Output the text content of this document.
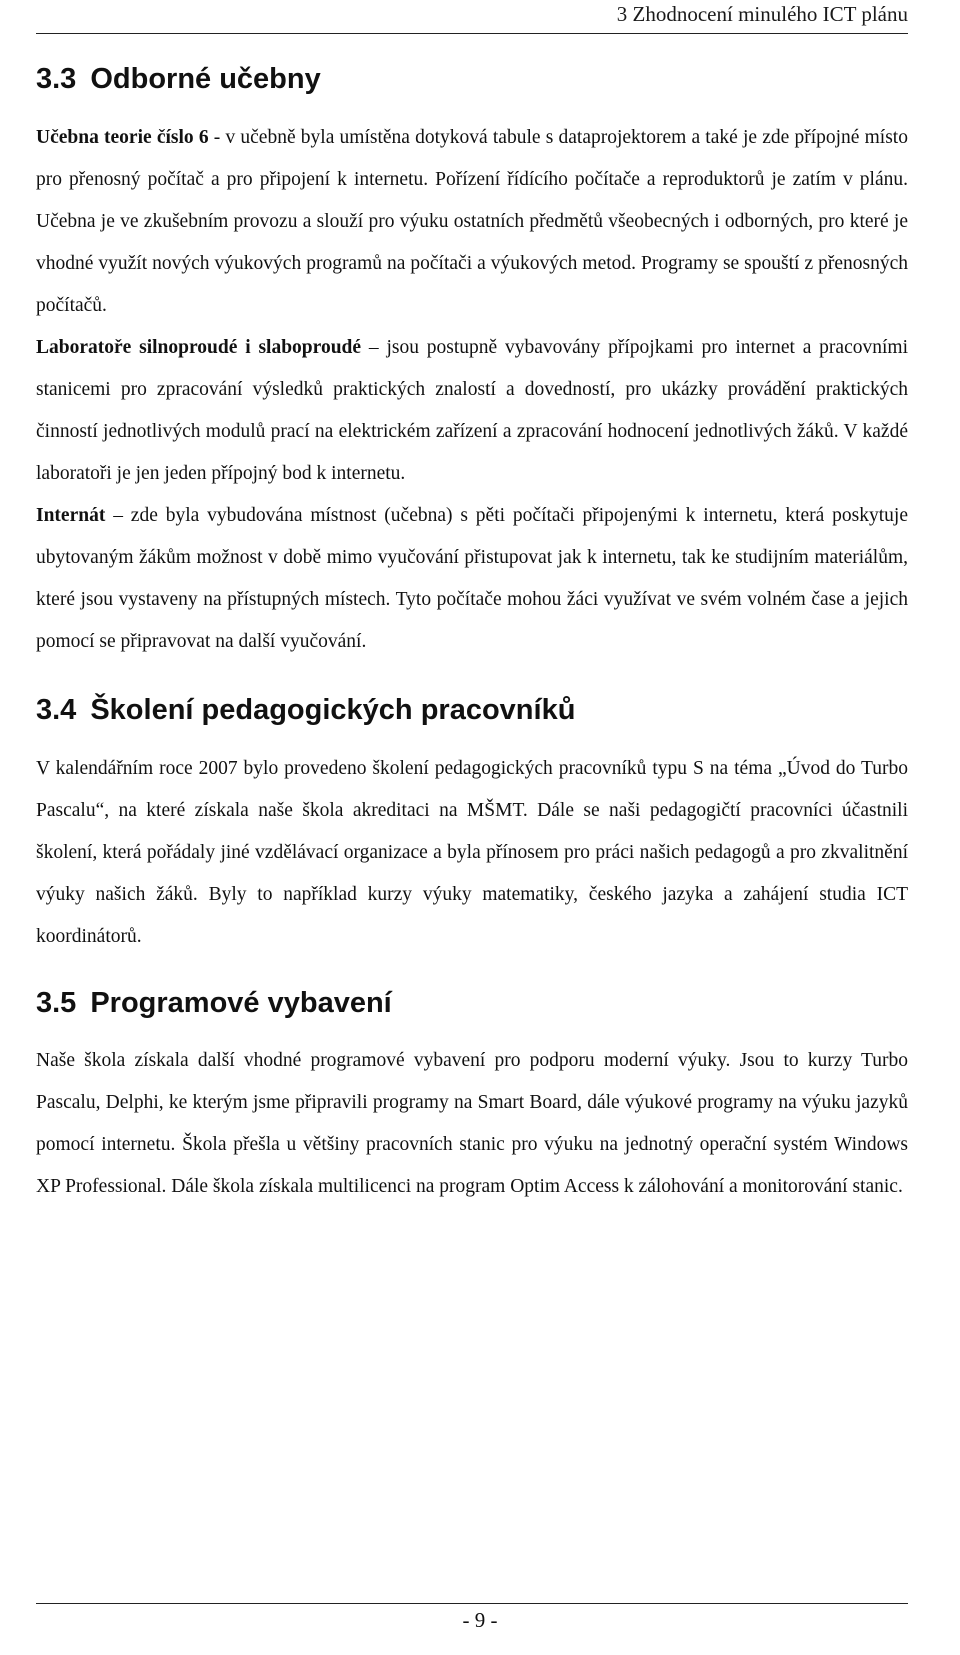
3 Zhodnocení minulého ICT plánu
3.3 Odborné učebny

Učebna teorie číslo 6 - v učebně byla umístěna dotyková tabule s dataprojektorem a také je zde přípojné místo pro přenosný počítač a pro připojení k internetu. Pořízení řídícího počítače a reproduktorů je zatím v plánu. Učebna je ve zkušebním provozu a slouží pro výuku ostatních předmětů všeobecných i odborných, pro které je vhodné využít nových výukových programů na počítači a výukových metod. Programy se spouští z přenosných počítačů.

Laboratoře silnoproudé i slaboproudé – jsou postupně vybavovány přípojkami pro internet a pracovními stanicemi pro zpracování výsledků praktických znalostí a dovedností, pro ukázky provádění praktických činností jednotlivých modulů prací na elektrickém zařízení a zpracování hodnocení jednotlivých žáků. V každé laboratoři je jen jeden přípojný bod k internetu.

Internát – zde byla vybudována místnost (učebna) s pěti počítači připojenými k internetu, která poskytuje ubytovaným žákům možnost v době mimo vyučování přistupovat jak k internetu, tak ke studijním materiálům, které jsou vystaveny na přístupných místech. Tyto počítače mohou žáci využívat ve svém volném čase a jejich pomocí se připravovat na další vyučování.

3.4 Školení pedagogických pracovníků

V kalendářním roce 2007 bylo provedeno školení pedagogických pracovníků typu S na téma „Úvod do Turbo Pascalu“, na které získala naše škola akreditaci na MŠMT. Dále se naši pedagogičtí pracovníci účastnili školení, která pořádaly jiné vzdělávací organizace a byla přínosem pro práci našich pedagogů a pro zkvalitnění výuky našich žáků. Byly to například kurzy výuky matematiky, českého jazyka a zahájení studia ICT koordinátorů.

3.5 Programové vybavení

Naše škola získala další vhodné programové vybavení pro podporu moderní výuky. Jsou to kurzy Turbo Pascalu, Delphi, ke kterým jsme připravili programy na Smart Board, dále výukové programy na výuku jazyků pomocí internetu. Škola přešla u většiny pracovních stanic pro výuku na jednotný operační systém Windows XP Professional. Dále škola získala multilicenci na program Optim Access k zálohování a monitorování stanic.

- 9 -
